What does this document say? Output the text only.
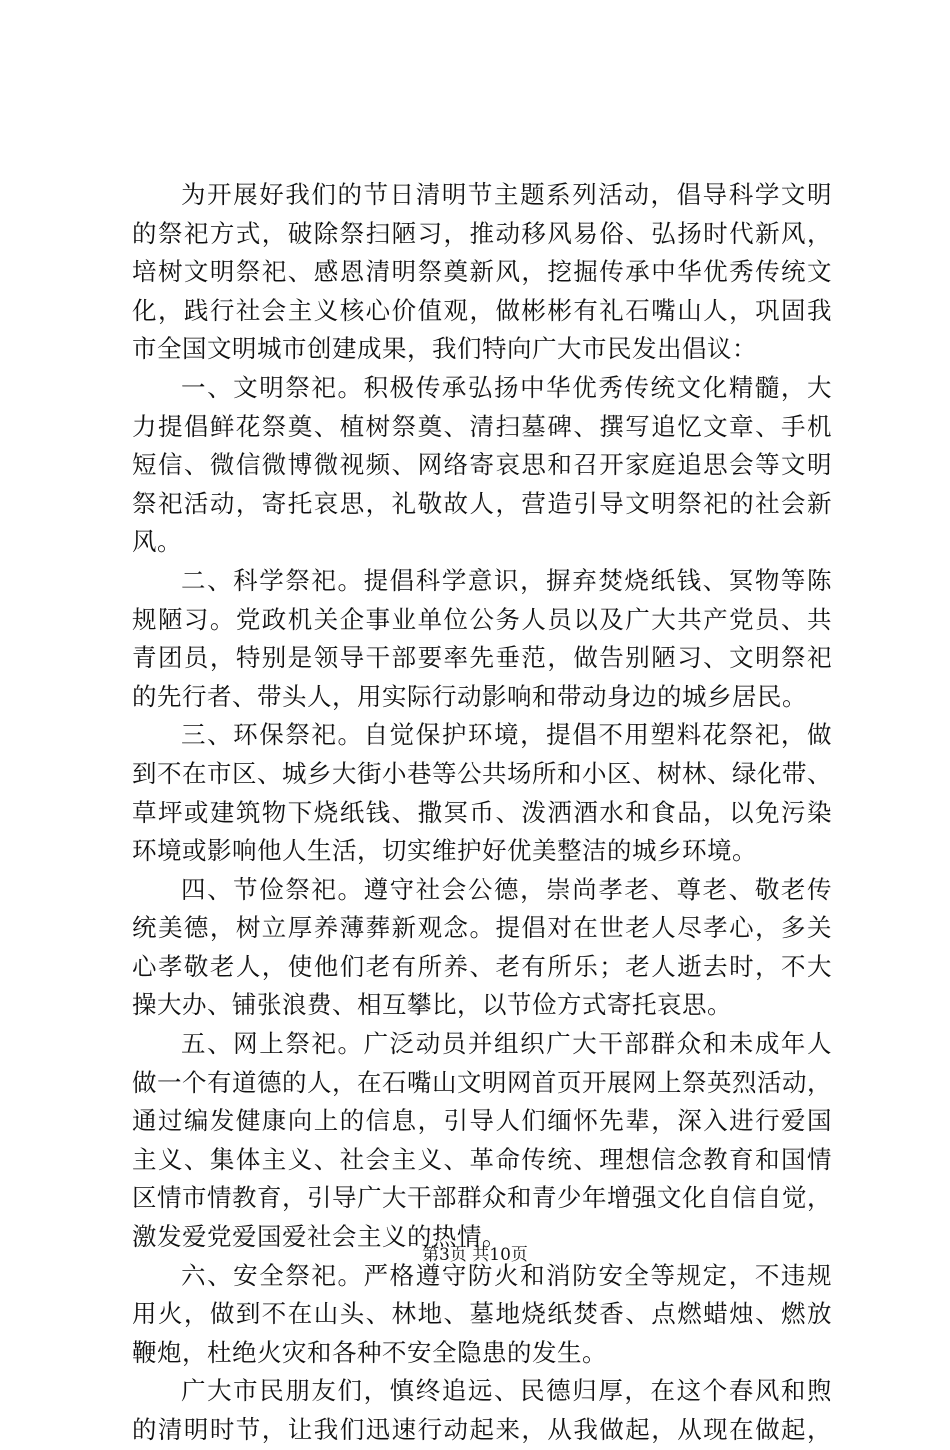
为开展好我们的节日清明节主题系列活动，倡导科学文明
的祭祀方式，破除祭扫陋习，推动移风易俗、弘扬时代新风，
培树文明祭祀、感恩清明祭奠新风，挖掘传承中华优秀传统文
化，践行社会主义核心价值观，做彬彬有礼石嘴山人，巩固我
市全国文明城市创建成果，我们特向广大市民发出倡议：
一、文明祭祀。积极传承弘扬中华优秀传统文化精髓，大
力提倡鲜花祭奠、植树祭奠、清扫墓碑、撰写追忆文章、手机
短信、微信微博微视频、网络寄哀思和召开家庭追思会等文明
祭祀活动，寄托哀思，礼敬故人，营造引导文明祭祀的社会新
风。
二、科学祭祀。提倡科学意识，摒弃焚烧纸钱、冥物等陈
规陋习。党政机关企事业单位公务人员以及广大共产党员、共
青团员，特别是领导干部要率先垂范，做告别陋习、文明祭祀
的先行者、带头人，用实际行动影响和带动身边的城乡居民。
三、环保祭祀。自觉保护环境，提倡不用塑料花祭祀，做
到不在市区、城乡大街小巷等公共场所和小区、树林、绿化带、
草坪或建筑物下烧纸钱、撒冥币、泼洒酒水和食品，以免污染
环境或影响他人生活，切实维护好优美整洁的城乡环境。
四、节俭祭祀。遵守社会公德，崇尚孝老、尊老、敬老传
统美德，树立厚养薄葬新观念。提倡对在世老人尽孝心，多关
心孝敬老人，使他们老有所养、老有所乐；老人逝去时，不大
操大办、铺张浪费、相互攀比，以节俭方式寄托哀思。
五、网上祭祀。广泛动员并组织广大干部群众和未成年人
做一个有道德的人，在石嘴山文明网首页开展网上祭英烈活动，
通过编发健康向上的信息，引导人们缅怀先辈，深入进行爱国
主义、集体主义、社会主义、革命传统、理想信念教育和国情
区情市情教育，引导广大干部群众和青少年增强文化自信自觉，
激发爱党爱国爱社会主义的热情。
六、安全祭祀。严格遵守防火和消防安全等规定，不违规
用火，做到不在山头、林地、墓地烧纸焚香、点燃蜡烛、燃放
鞭炮，杜绝火灾和各种不安全隐患的发生。
广大市民朋友们，慎终追远、民德归厚，在这个春风和煦
的清明时节，让我们迅速行动起来，从我做起，从现在做起，
第3页 共10页
